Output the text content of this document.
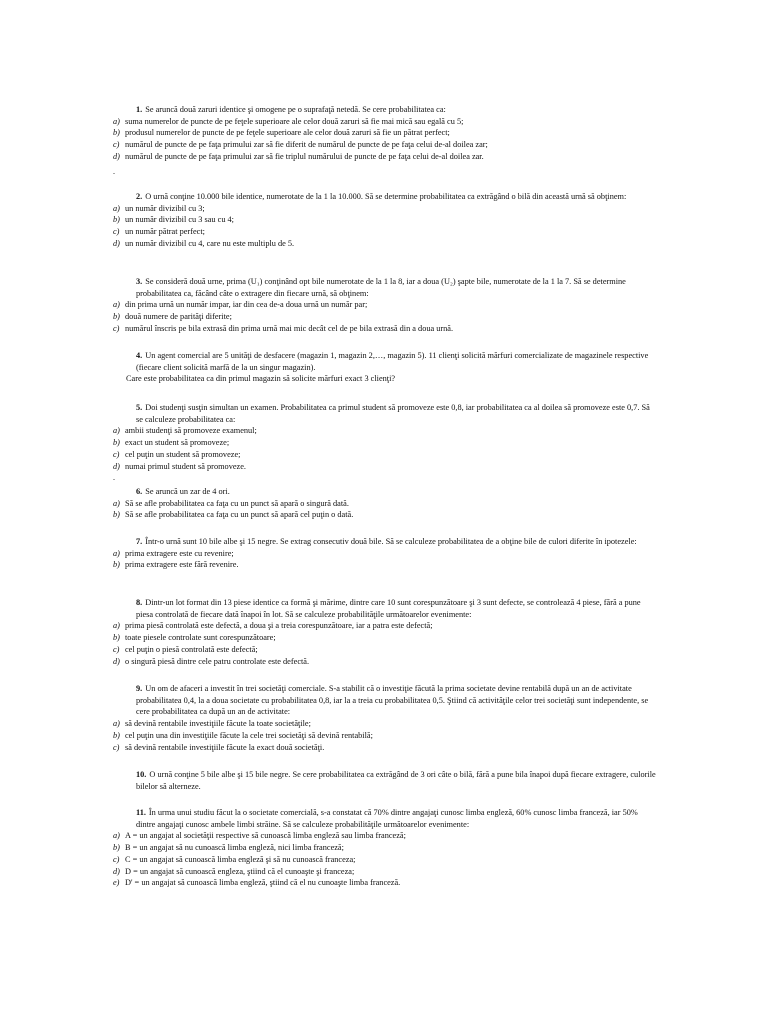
1. Se aruncă două zaruri identice şi omogene pe o suprafaţă netedă. Se cere probabilitatea ca:

a) suma numerelor de puncte de pe feţele superioare ale celor două zaruri să fie mai mică sau egală cu 5;
b) produsul numerelor de puncte de pe feţele superioare ale celor două zaruri să fie un pătrat perfect;
c) numărul de puncte de pe faţa primului zar să fie diferit de numărul de puncte de pe faţa celui de-al doilea zar;
d) numărul de puncte de pe faţa primului zar să fie triplul numărului de puncte de pe faţa celui de-al doilea zar.
.

2. O urnă conţine 10.000 bile identice, numerotate de la 1 la 10.000. Să se determine probabilitatea ca extrăgând o bilă din această urnă să obţinem:

a) un număr divizibil cu 3;
b) un număr divizibil cu 3 sau cu 4;
c) un număr pătrat perfect;
d) un număr divizibil cu 4, care nu este multiplu de 5.

3. Se consideră două urne, prima (U₁) conţinând opt bile numerotate de la 1 la 8, iar a doua (U₂) şapte bile, numerotate de la 1 la 7. Să se determine probabilitatea ca, făcând câte o extragere din fiecare urnă, să obţinem:

a) din prima urnă un număr impar, iar din cea de-a doua urnă un număr par;
b) două numere de parităţi diferite;
c) numărul înscris pe bila extrasă din prima urnă mai mic decât cel de pe bila extrasă din a doua urnă.

4. Un agent comercial are 5 unităţi de desfacere (magazin 1, magazin 2,…, magazin 5). 11 clienţi solicită mărfuri comercializate de magazinele respective (fiecare client solicită marfă de la un singur magazin).

Care este probabilitatea ca din primul magazin să solicite mărfuri exact 3 clienţi?

5. Doi studenţi susţin simultan un examen. Probabilitatea ca primul student să promoveze este 0,8, iar probabilitatea ca al doilea să promoveze este 0,7. Să se calculeze probabilitatea ca:

a) ambii studenţi să promoveze examenul;
b) exact un student să promoveze;
c) cel puţin un student să promoveze;
d) numai primul student să promoveze.
.

6. Se aruncă un zar de 4 ori.

a) Să se afle probabilitatea ca faţa cu un punct să apară o singură dată.
b) Să se afle probabilitatea ca faţa cu un punct să apară cel puţin o dată.

7. Într-o urnă sunt 10 bile albe şi 15 negre. Se extrag consecutiv două bile. Să se calculeze probabilitatea de a obţine bile de culori diferite în ipotezele:

a) prima extragere este cu revenire;
b) prima extragere este fără revenire.

8. Dintr-un lot format din 13 piese identice ca formă şi mărime, dintre care 10 sunt corespunzătoare şi 3 sunt defecte, se controlează 4 piese, fără a pune piesa controlată de fiecare dată înapoi în lot. Să se calculeze probabilităţile următoarelor evenimente:

a) prima piesă controlată este defectă, a doua şi a treia corespunzătoare, iar a patra este defectă;
b) toate piesele controlate sunt corespunzătoare;
c) cel puţin o piesă controlată este defectă;
d) o singură piesă dintre cele patru controlate este defectă.

9. Un om de afaceri a investit în trei societăţi comerciale. S-a stabilit că o investiţie făcută la prima societate devine rentabilă după un an de activitate probabilitatea 0,4, la a doua societate cu probabilitatea 0,8, iar la a treia cu probabilitatea 0,5. Ştiind că activităţile celor trei societăţi sunt independente, se cere probabilitatea ca după un an de activitate:

a) să devină rentabile investiţiile făcute la toate societăţile;
b) cel puţin una din investiţiile făcute la cele trei societăţi să devină rentabilă;
c) să devină rentabile investiţiile făcute la exact două societăţi.

10. O urnă conţine 5 bile albe şi 15 bile negre. Se cere probabilitatea ca extrăgând de 3 ori câte o bilă, fără a pune bila înapoi după fiecare extragere, culorile bilelor să alterneze.

11. În urma unui studiu făcut la o societate comercială, s-a constatat că 70% dintre angajaţi cunosc limba engleză, 60% cunosc limba franceză, iar 50% dintre angajaţi cunosc ambele limbi străine. Să se calculeze probabilităţile următoarelor evenimente:

a) A = un angajat al societăţii respective să cunoască limba engleză sau limba franceză;
b) B = un angajat să nu cunoască limba engleză, nici limba franceză;
c) C = un angajat să cunoască limba engleză şi să nu cunoască franceza;
d) D = un angajat să cunoască engleza, ştiind că el cunoaşte şi franceza;
e) D' = un angajat să cunoască limba engleză, ştiind că el nu cunoaşte limba franceză.
